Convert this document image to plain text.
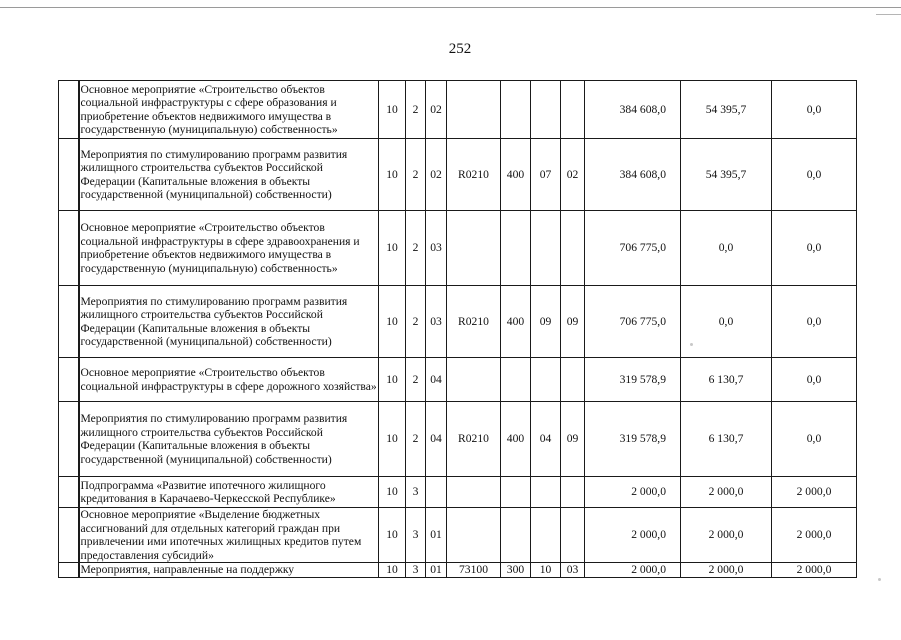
252
	Основное мероприятие «Строительство объектов социальной инфраструктуры с сфере образования и приобретение объектов недвижимого имущества в государственную (муниципальную) собственность»	10	2	02					384 608,0	54 395,7	0,0
	Мероприятия по стимулированию программ развития жилищного строительства субъектов Российской Федерации (Капитальные вложения в объекты государственной (муниципальной) собственности)	10	2	02	R0210	400	07	02	384 608,0	54 395,7	0,0
	Основное мероприятие «Строительство объектов социальной инфраструктуры в сфере здравоохранения и приобретение объектов недвижимого имущества в государственную (муниципальную) собственность»	10	2	03					706 775,0	0,0	0,0
	Мероприятия по стимулированию программ развития жилищного строительства субъектов Российской Федерации (Капитальные вложения в объекты государственной (муниципальной) собственности)	10	2	03	R0210	400	09	09	706 775,0	0,0	0,0
	Основное мероприятие «Строительство объектов социальной инфраструктуры в сфере дорожного хозяйства»	10	2	04					319 578,9	6 130,7	0,0
	Мероприятия по стимулированию программ развития жилищного строительства субъектов Российской Федерации (Капитальные вложения в объекты государственной (муниципальной) собственности)	10	2	04	R0210	400	04	09	319 578,9	6 130,7	0,0
	Подпрограмма «Развитие ипотечного жилищного кредитования в Карачаево-Черкесской Республике»	10	3						2 000,0	2 000,0	2 000,0
	Основное мероприятие «Выделение бюджетных ассигнований для отдельных категорий граждан при привлечении ими ипотечных жилищных кредитов путем предоставления субсидий»	10	3	01					2 000,0	2 000,0	2 000,0
	Мероприятия, направленные на поддержку	10	3	01	73100	300	10	03	2 000,0	2 000,0	2 000,0
